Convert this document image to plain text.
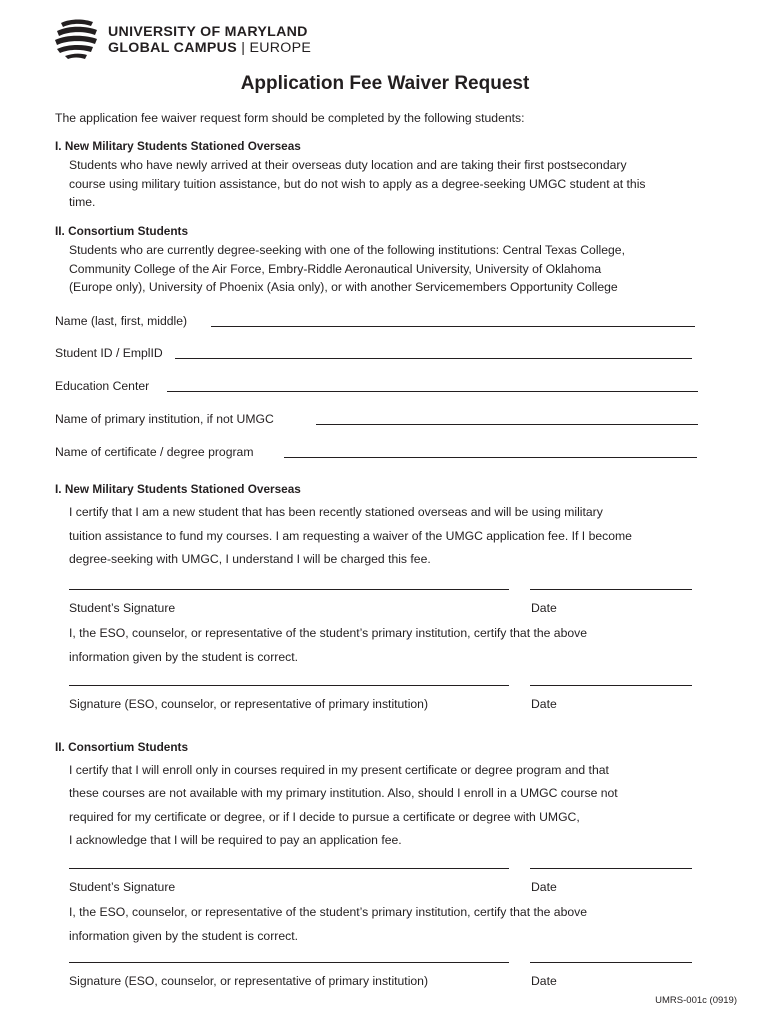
UNIVERSITY OF MARYLAND
GLOBAL CAMPUS | EUROPE
Application Fee Waiver Request
The application fee waiver request form should be completed by the following students:
I. New Military Students Stationed Overseas
Students who have newly arrived at their overseas duty location and are taking their first postsecondary
course using military tuition assistance, but do not wish to apply as a degree-seeking UMGC student at this
time.
II. Consortium Students
Students who are currently degree-seeking with one of the following institutions: Central Texas College,
Community College of the Air Force, Embry-Riddle Aeronautical University, University of Oklahoma
(Europe only), University of Phoenix (Asia only), or with another Servicemembers Opportunity College
Name (last, first, middle)
Student ID / EmplID
Education Center
Name of primary institution, if not UMGC
Name of certificate / degree program
I. New Military Students Stationed Overseas
I certify that I am a new student that has been recently stationed overseas and will be using military
tuition assistance to fund my courses. I am requesting a waiver of the UMGC application fee. If I become
degree-seeking with UMGC, I understand I will be charged this fee.
Student’s Signature	Date
I, the ESO, counselor, or representative of the student’s primary institution, certify that the above
information given by the student is correct.
Signature (ESO, counselor, or representative of primary institution)	Date
II. Consortium Students
I certify that I will enroll only in courses required in my present certificate or degree program and that
these courses are not available with my primary institution. Also, should I enroll in a UMGC course not
required for my certificate or degree, or if I decide to pursue a certificate or degree with UMGC,
I acknowledge that I will be required to pay an application fee.
Student’s Signature	Date
I, the ESO, counselor, or representative of the student’s primary institution, certify that the above
information given by the student is correct.
Signature (ESO, counselor, or representative of primary institution)	Date
UMRS-001c (0919)
